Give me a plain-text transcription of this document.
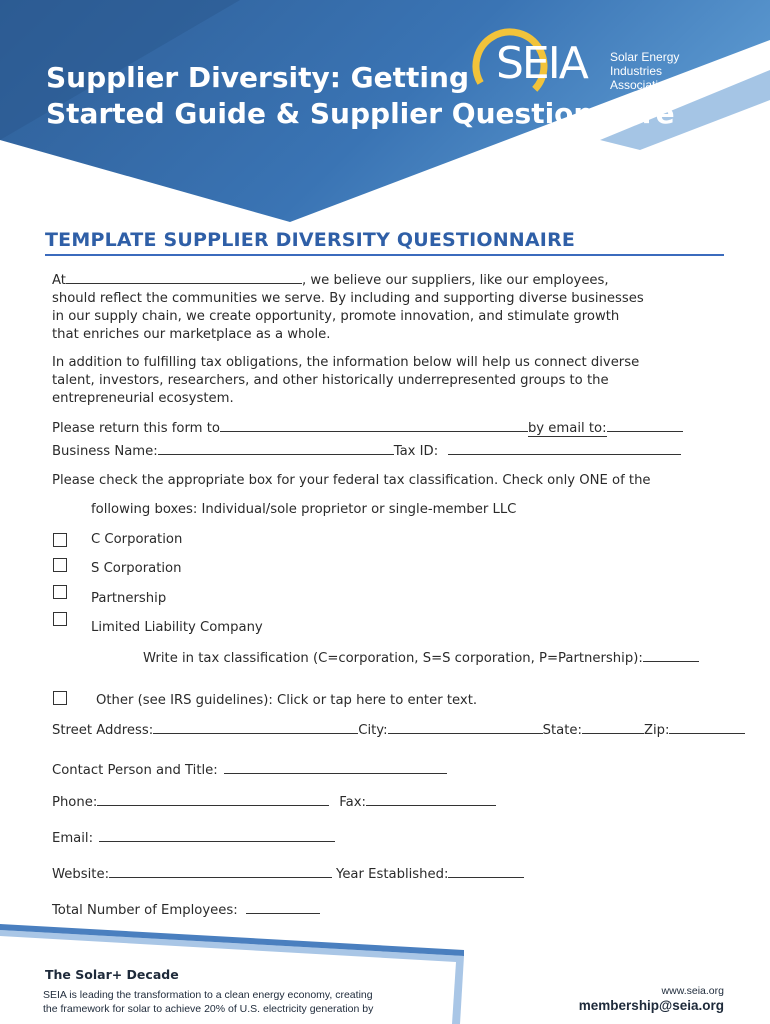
Supplier Diversity: Getting
Started Guide & Supplier Questionnaire
SEIA Solar Energy
Industries
Association®
TEMPLATE SUPPLIER DIVERSITY QUESTIONNAIRE
At	, we believe our suppliers, like our employees,
should reflect the communities we serve. By including and supporting diverse businesses
in our supply chain, we create opportunity, promote innovation, and stimulate growth
that enriches our marketplace as a whole.
In addition to fulfilling tax obligations, the information below will help us connect diverse
talent, investors, researchers, and other historically underrepresented groups to the
entrepreneurial ecosystem.
Please return this form to	by email to:
Business Name:	Tax ID:
Please check the appropriate box for your federal tax classification. Check only ONE of the
following boxes: Individual/sole proprietor or single-member LLC
C Corporation
S Corporation
Partnership
Limited Liability Company
Write in tax classification (C=corporation, S=S corporation, P=Partnership):
Other (see IRS guidelines): Click or tap here to enter text.
Street Address:	City:	State:	Zip:
Contact Person and Title:
Phone:	Fax:
Email:
Website:	Year Established:
Total Number of Employees:
The Solar+ Decade
SEIA is leading the transformation to a clean energy economy, creating
the framework for solar to achieve 20% of U.S. electricity generation by
www.seia.org
membership@seia.org
